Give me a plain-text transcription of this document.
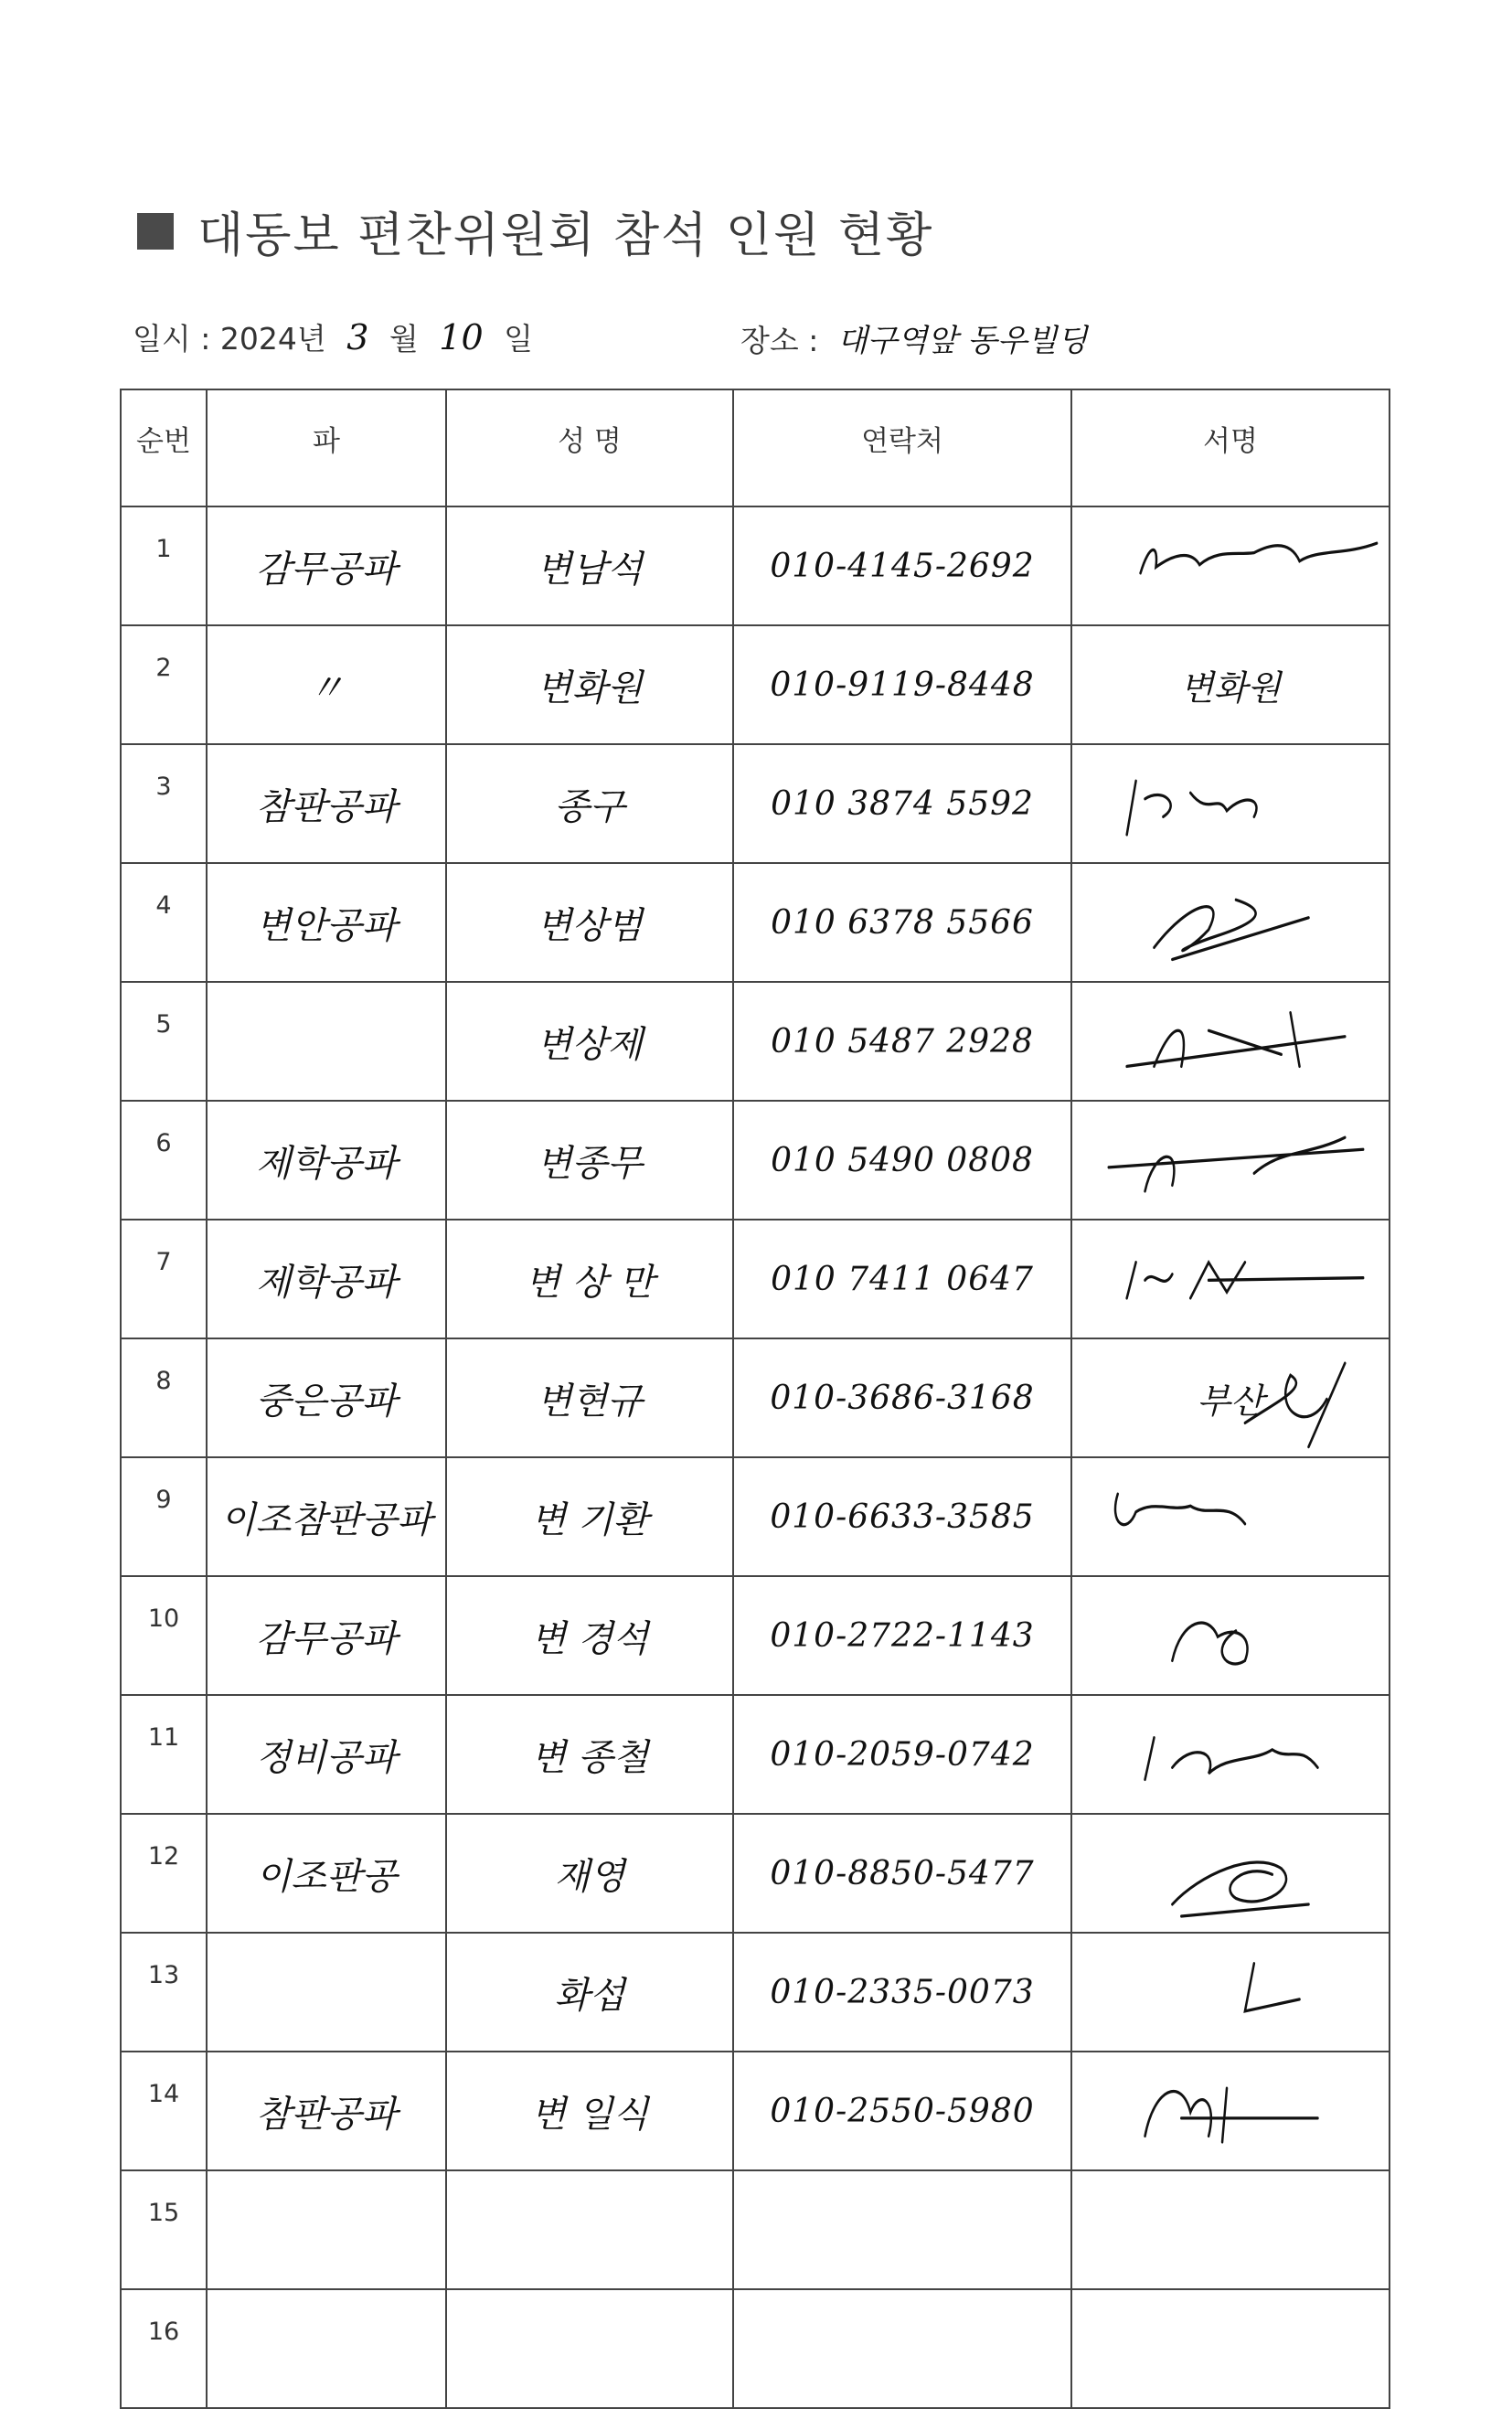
대동보 편찬위원회 참석 인원 현황
일시 : 2024년 3 월 10 일	장소 : 대구역앞 동우빌딩
순번	파	성 명	연락처	서명
1	감무공파	변남석	010-4145-2692	

2	〃	변화원	010-9119-8448	변화원

3	참판공파	종구	010 3874 5592	

4	변안공파	변상범	010 6378 5566	

5		변상제	010 5487 2928	

6	제학공파	변종무	010 5490 0808	

7	제학공파	변 상 만	010 7411 0647	

8	중은공파	변현규	010-3686-3168	부산

9	이조참판공파	변 기환	010-6633-3585	

10	감무공파	변 경석	010-2722-1143	

11	정비공파	변 종철	010-2059-0742	

12	이조판공	재영	010-8850-5477	

13		화섭	010-2335-0073	

14	참판공파	변 일식	010-2550-5980	

15				

16				
